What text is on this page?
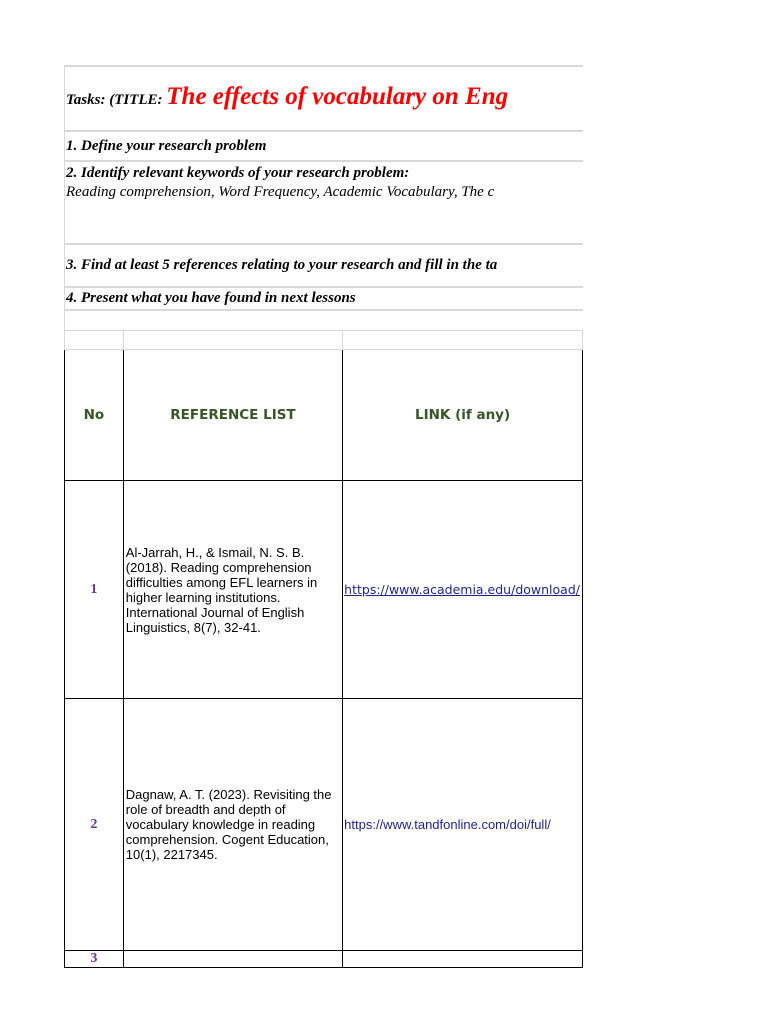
Tasks: (TITLE: The effects of vocabulary on Eng
1. Define your research problem
2. Identify relevant keywords of your research problem:
Reading comprehension, Word Frequency, Academic Vocabulary, The c
3. Find at least 5 references relating to your research and fill in the ta
4. Present what you have found in next lessons

No	REFERENCE LIST	LINK (if any)
1	Al-Jarrah, H., & Ismail, N. S. B. (2018). Reading comprehension difficulties among EFL learners in higher learning institutions. International Journal of English Linguistics, 8(7), 32-41.	https://www.academia.edu/download/
2	Dagnaw, A. T. (2023). Revisiting the role of breadth and depth of vocabulary knowledge in reading comprehension. Cogent Education, 10(1), 2217345.	https://www.tandfonline.com/doi/full/
3		
